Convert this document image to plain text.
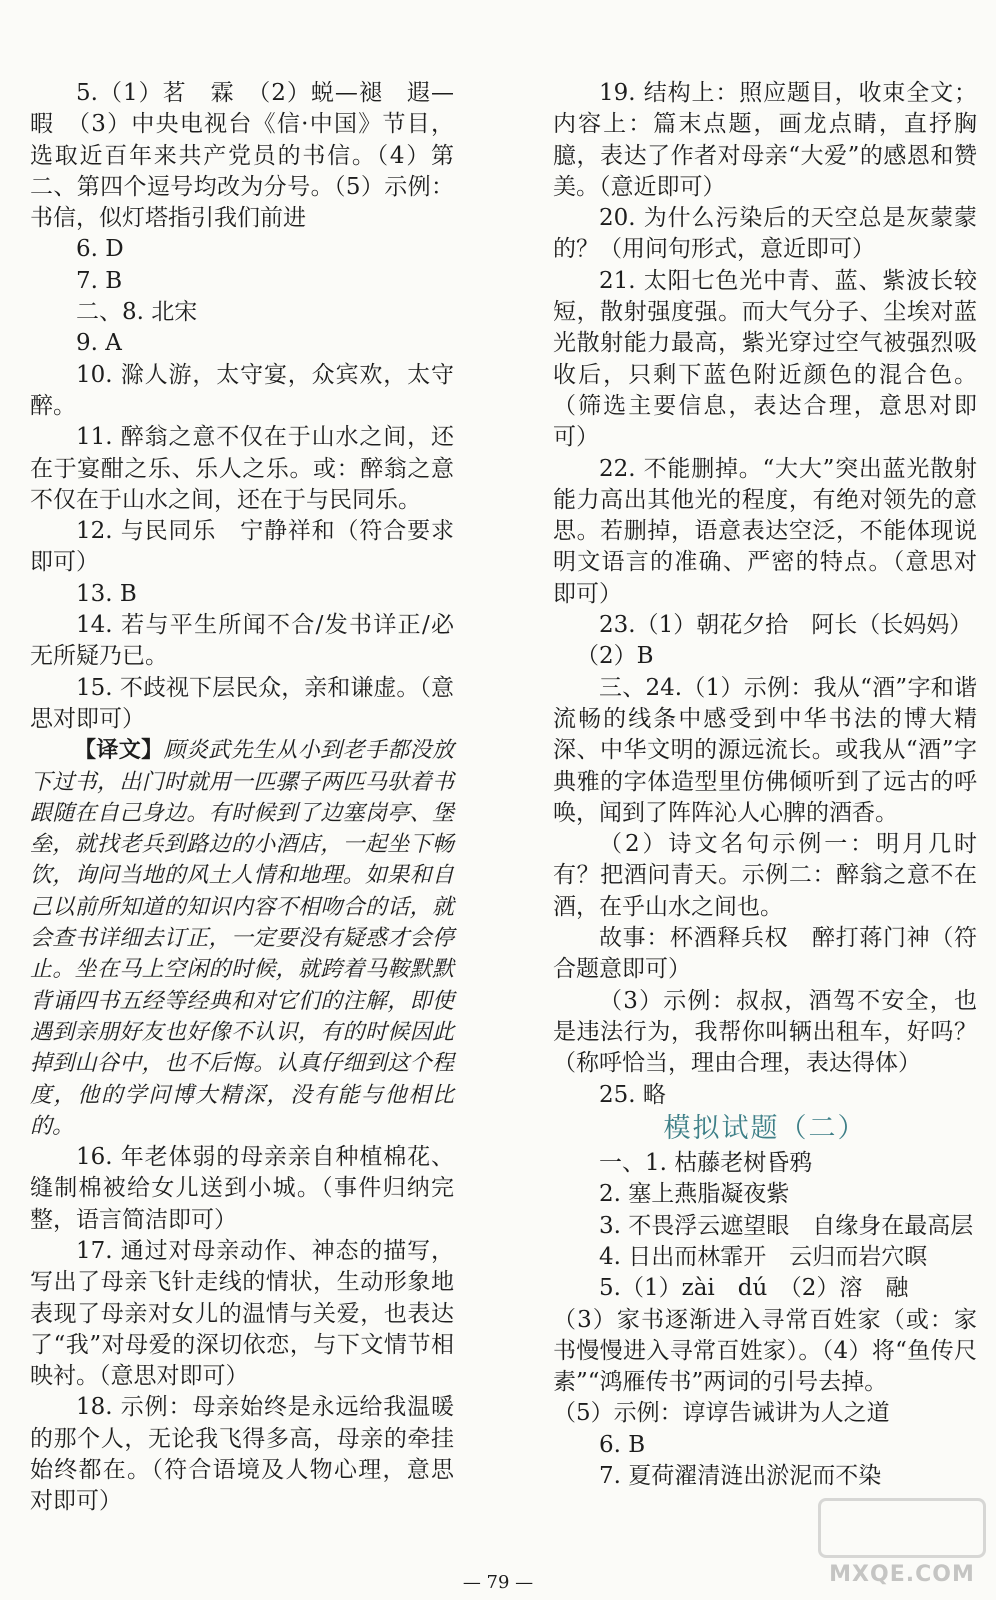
5.（1）茗　霖　（2）蜕—褪　遐—暇　（3）中央电视台《信·中国》节目，选取近百年来共产党员的书信。（4）第二、第四个逗号均改为分号。（5）示例：书信，似灯塔指引我们前进

6. D

7. B

二、8. 北宋

9. A

10. 滁人游，太守宴，众宾欢，太守醉。

11. 醉翁之意不仅在于山水之间，还在于宴酣之乐、乐人之乐。或：醉翁之意不仅在于山水之间，还在于与民同乐。

12. 与民同乐　宁静祥和（符合要求即可）

13. B

14. 若与平生所闻不合/发书详正/必无所疑乃已。

15. 不歧视下层民众，亲和谦虚。（意思对即可）

【译文】顾炎武先生从小到老手都没放下过书，出门时就用一匹骡子两匹马驮着书跟随在自己身边。有时候到了边塞岗亭、堡垒，就找老兵到路边的小酒店，一起坐下畅饮，询问当地的风土人情和地理。如果和自己以前所知道的知识内容不相吻合的话，就会查书详细去订正，一定要没有疑惑才会停止。坐在马上空闲的时候，就跨着马鞍默默背诵四书五经等经典和对它们的注解，即使遇到亲朋好友也好像不认识，有的时候因此掉到山谷中，也不后悔。认真仔细到这个程度，他的学问博大精深，没有能与他相比的。

16. 年老体弱的母亲亲自种植棉花、缝制棉被给女儿送到小城。（事件归纳完整，语言简洁即可）

17. 通过对母亲动作、神态的描写，写出了母亲飞针走线的情状，生动形象地表现了母亲对女儿的温情与关爱，也表达了“我”对母爱的深切依恋，与下文情节相映衬。（意思对即可）

18. 示例：母亲始终是永远给我温暖的那个人，无论我飞得多高，母亲的牵挂始终都在。（符合语境及人物心理，意思对即可）

19. 结构上：照应题目，收束全文；内容上：篇末点题，画龙点睛，直抒胸臆，表达了作者对母亲“大爱”的感恩和赞美。（意近即可）

20. 为什么污染后的天空总是灰蒙蒙的？（用问句形式，意近即可）

21. 太阳七色光中青、蓝、紫波长较短，散射强度强。而大气分子、尘埃对蓝光散射能力最高，紫光穿过空气被强烈吸收后，只剩下蓝色附近颜色的混合色。（筛选主要信息，表达合理，意思对即可）

22. 不能删掉。“大大”突出蓝光散射能力高出其他光的程度，有绝对领先的意思。若删掉，语意表达空泛，不能体现说明文语言的准确、严密的特点。（意思对即可）

23.（1）朝花夕拾　阿长（长妈妈）

（2）B

三、24.（1）示例：我从“酒”字和谐流畅的线条中感受到中华书法的博大精深、中华文明的源远流长。或我从“酒”字典雅的字体造型里仿佛倾听到了远古的呼唤，闻到了阵阵沁人心脾的酒香。

（2）诗文名句示例一：明月几时有？把酒问青天。示例二：醉翁之意不在酒，在乎山水之间也。

故事：杯酒释兵权　醉打蒋门神（符合题意即可）

（3）示例：叔叔，酒驾不安全，也是违法行为，我帮你叫辆出租车，好吗？（称呼恰当，理由合理，表达得体）

25. 略

模拟试题（二）

一、1. 枯藤老树昏鸦

2. 塞上燕脂凝夜紫

3. 不畏浮云遮望眼　自缘身在最高层

4. 日出而林霏开　云归而岩穴暝

5.（1）zài　dú　（2）溶　融

（3）家书逐渐进入寻常百姓家（或：家书慢慢进入寻常百姓家）。（4）将“鱼传尺素”“鸿雁传书”两词的引号去掉。

（5）示例：谆谆告诫讲为人之道

6. B

7. 夏荷濯清涟出淤泥而不染

— 79 —	MXQE.COM
